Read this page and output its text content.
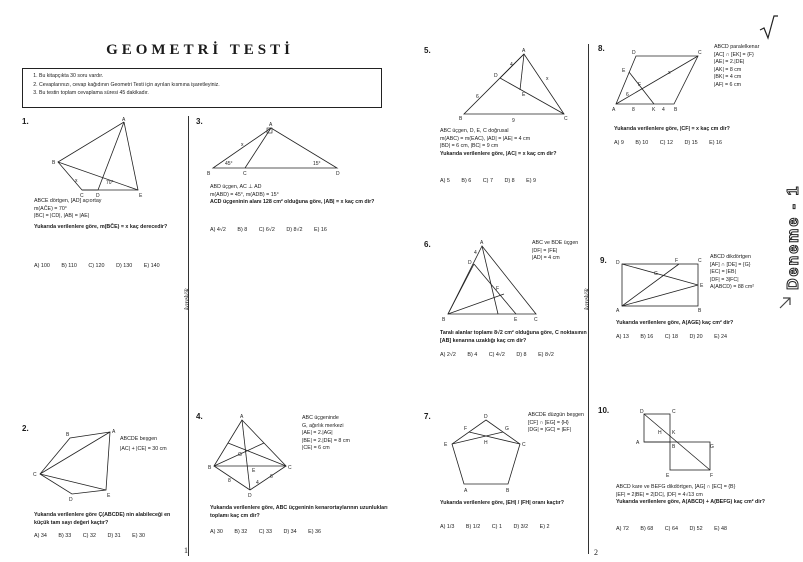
GEOMETRİ TESTİ
1. Bu kitapçıkta 30 soru vardır.
2. Cevaplarınızı, cevap kağıdının Geometri Testi için ayrılan kısmına işaretleyiniz.
3. Bu testin toplam cevaplama süresi 45 dakikadır.
karekök
1.	A
B
C D	E
x	70°
ABCE dörtgen, [AD] açıortay
m(AĈE) = 70°
|BC| = |CD|, |AB| = |AE|
Yukarıda verilenlere göre, m(BĈE) = x kaç derecedir?
A) 100 B) 110 C) 120 D) 130 E) 140
2.	A
B
C
D
E
ABCDE beşgen
|AC| + |CE| = 30 cm
Yukarıda verilenlere göre Ç(ABCDE) nin alabileceği en küçük tam sayı değeri kaçtır?
A) 34 B) 33 C) 32 D) 31 E) 30
3.	A
B	C	D
x
45°	15°
ABD üçgen, AC ⊥ AD
m(ABD) = 45°, m(ADB) = 15°
ACD üçgeninin alanı 128 cm² olduğuna göre, |AB| = x kaç cm dir?
A) 4√2 B) 8 C) 6√2 D) 8√2 E) 16
4.	A
B	C
D
E
G
8	4
6
ABC üçgeninde
G, ağırlık merkezi
|AE| = 2.|AG|
|BE| = 2.|DE| = 8 cm
|CE| = 6 cm
Yukarıda verilenlere göre, ABC üçgeninin kenarortaylarının uzunlukları toplamı kaç cm dir?
A) 30 B) 32 C) 33 D) 34 E) 36
1
karekök
5.	A
B	C
D
E
4
6
9
x
ABC üçgen, D, E, C doğrusal
m(ABC) = m(EAC), |AD| = |AE| = 4 cm
|BD| = 6 cm, |BC| = 9 cm
Yukarıda verilenlere göre, |AC| = x kaç cm dir?
A) 5 B) 6 C) 7 D) 8 E) 9
6.	A
B	C
D
E
F
4
ABC ve BDE üçgen
|DF| = |FE|
|AD| = 4 cm
Taralı alanlar toplamı 8√2 cm² olduğuna göre, C noktasının [AB] kenarına uzaklığı kaç cm dir?
A) 2√2 B) 4 C) 4√2 D) 8 E) 8√2
7.
A	B
C
D
E
F	G
H
ABCDE düzgün beşgen
[CF] ∩ [EG] = {H}
|DG| = |GC| = |EF|
Yukarıda verilenlere göre, |EH| / |FH| oranı kaçtır?
A) 1/3 B) 1/2 C) 1 D) 3/2 E) 2
8.	D	C
A	B
E
F
K
8	4
6
x
ABCD paralelkenar
[AC] ∩ [EK] = {F}
|AE| = 2.|DE|
|AK| = 8 cm
|BK| = 4 cm
|AF| = 6 cm
Yukarıda verilenlere göre, |CF| = x kaç cm dir?
A) 9 B) 10 C) 12 D) 15 E) 16
9. D	F	C
A	B
E
G
ABCD dikdörtgen
[AF] ∩ [DE] = {G}
|EC| = |EB|
|DF| = 3|FC|
A(ABCD) = 88 cm²
Yukarıda verilenlere göre, A(AGE) kaç cm² dir?
A) 13 B) 16 C) 18 D) 20 E) 24
10.	D	C
A
B	G
E	F
K
H
ABCD kare ve BEFG dikdörtgen, [AG] ∩ [EC] = {B}
|EF| = 2|BE| = 2|DC|, |DF| = 4√13 cm
Yukarıda verilenlere göre, A(ABCD) + A(BEFG) kaç cm² dir?
A) 72 B) 68 C) 64 D) 52 E) 48
2
Deneme - 1
